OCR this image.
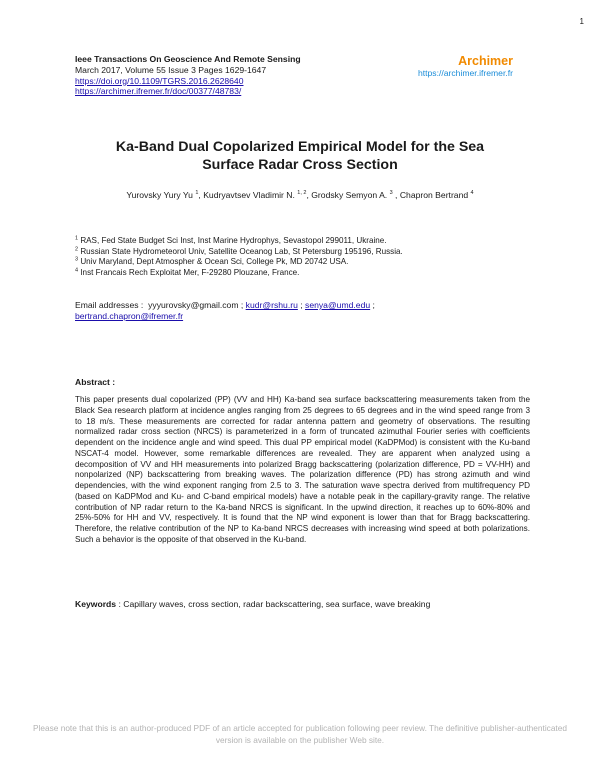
1
Ieee Transactions On Geoscience And Remote Sensing
March 2017, Volume 55 Issue 3 Pages 1629-1647
https://doi.org/10.1109/TGRS.2016.2628640
https://archimer.ifremer.fr/doc/00377/48783/
Archimer
https://archimer.ifremer.fr
Ka-Band Dual Copolarized Empirical Model for the Sea
Surface Radar Cross Section
Yurovsky Yury Yu $^1$, Kudryavtsev Vladimir N. $^{1, 2}$, Grodsky Semyon A. $^3$ , Chapron Bertrand $^4$
$^1$ RAS, Fed State Budget Sci Inst, Inst Marine Hydrophys, Sevastopol 299011, Ukraine.
$^2$ Russian State Hydrometeorol Univ, Satellite Oceanog Lab, St Petersburg 195196, Russia.
$^3$ Univ Maryland, Dept Atmospher & Ocean Sci, College Pk, MD 20742 USA.
$^4$ Inst Francais Rech Exploitat Mer, F-29280 Plouzane, France.
Email addresses : yyyurovsky@gmail.com ; kudr@rshu.ru ; senya@umd.edu ;
bertrand.chapron@ifremer.fr
Abstract :
This paper presents dual copolarized (PP) (VV and HH) Ka-band sea surface backscattering measurements taken from the Black Sea research platform at incidence angles ranging from 25 degrees to 65 degrees and in the wind speed range from 3 to 18 m/s. These measurements are corrected for radar antenna pattern and geometry of observations. The resulting normalized radar cross section (NRCS) is parameterized in a form of truncated azimuthal Fourier series with coefficients dependent on the incidence angle and wind speed. This dual PP empirical model (KaDPMod) is consistent with the Ku-band NSCAT-4 model. However, some remarkable differences are revealed. They are apparent when analyzed using a decomposition of VV and HH measurements into polarized Bragg backscattering (polarization difference, PD = VV-HH) and nonpolarized (NP) backscattering from breaking waves. The polarization difference (PD) has strong azimuth and wind dependencies, with the wind exponent ranging from 2.5 to 3. The saturation wave spectra derived from multifrequency PD (based on KaDPMod and Ku- and C-band empirical models) have a notable peak in the capillary-gravity range. The relative contribution of NP radar return to the Ka-band NRCS is significant. In the upwind direction, it reaches up to 60%-80% and 25%-50% for HH and VV, respectively. It is found that the NP wind exponent is lower than that for Bragg backscattering. Therefore, the relative contribution of the NP to Ka-band NRCS decreases with increasing wind speed at both polarizations. Such a behavior is the opposite of that observed in the Ku-band.
Keywords : Capillary waves, cross section, radar backscattering, sea surface, wave breaking
Please note that this is an author-produced PDF of an article accepted for publication following peer review. The definitive publisher-authenticated version is available on the publisher Web site.
